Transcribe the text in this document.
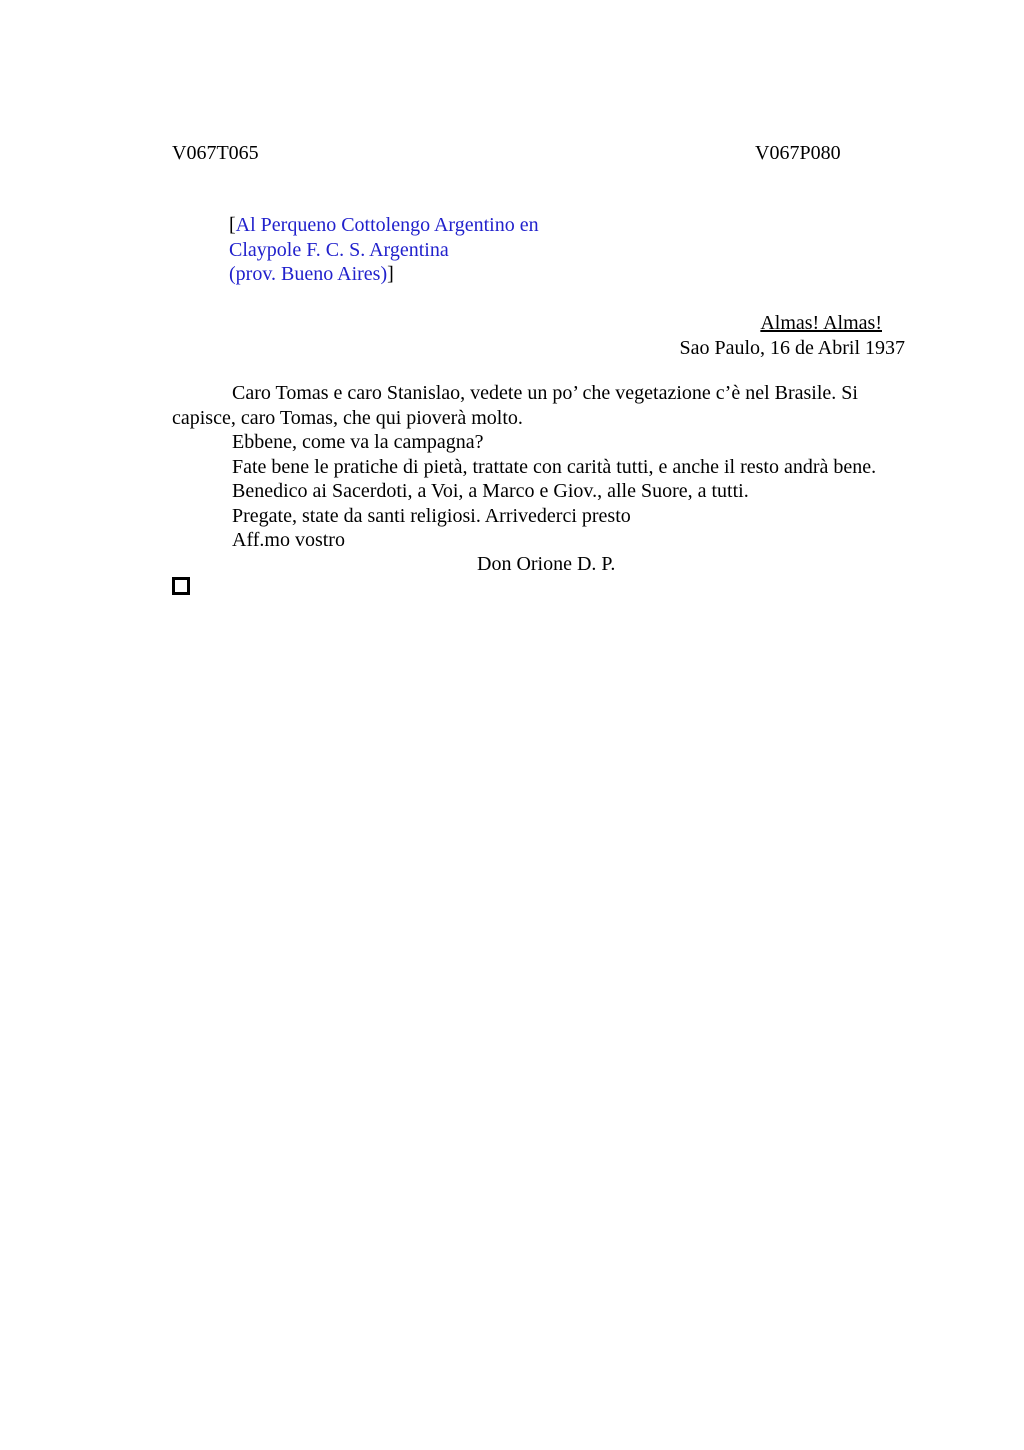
V067T065	V067P080
[Al Perqueno Cottolengo Argentino en
Claypole F. C. S. Argentina
(prov. Bueno Aires)]
Almas! Almas!
Sao Paulo, 16 de Abril 1937
Caro Tomas e caro Stanislao, vedete un po’ che vegetazione c’è nel Brasile. Si
capisce, caro Tomas, che qui pioverà molto.
Ebbene, come va la campagna?
Fate bene le pratiche di pietà, trattate con carità tutti, e anche il resto andrà bene.
Benedico ai Sacerdoti, a Voi, a Marco e Giov., alle Suore, a tutti.
Pregate, state da santi religiosi. Arrivederci presto
Aff.mo vostro
Don Orione D. P.
